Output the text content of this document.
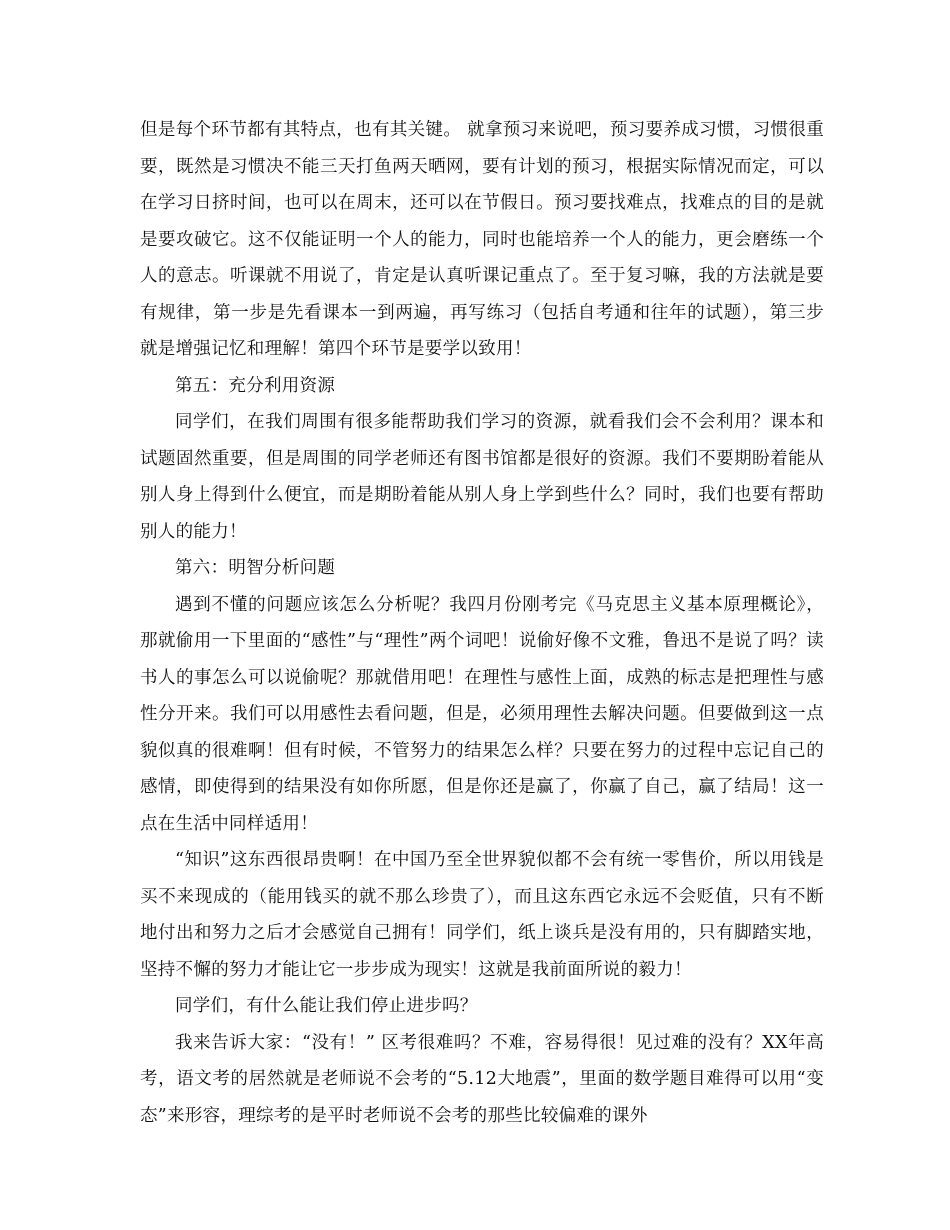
但是每个环节都有其特点，也有其关键。 就拿预习来说吧，预习要养成习惯，习惯很重要，既然是习惯决不能三天打鱼两天晒网，要有计划的预习，根据实际情况而定，可以在学习日挤时间，也可以在周末，还可以在节假日。预习要找难点，找难点的目的是就是要攻破它。这不仅能证明一个人的能力，同时也能培养一个人的能力，更会磨练一个人的意志。听课就不用说了，肯定是认真听课记重点了。至于复习嘛，我的方法就是要有规律，第一步是先看课本一到两遍，再写练习（包括自考通和往年的试题），第三步就是增强记忆和理解！第四个环节是要学以致用！

第五：充分利用资源

同学们，在我们周围有很多能帮助我们学习的资源，就看我们会不会利用？课本和试题固然重要，但是周围的同学老师还有图书馆都是很好的资源。我们不要期盼着能从别人身上得到什么便宜，而是期盼着能从别人身上学到些什么？同时，我们也要有帮助别人的能力！

第六：明智分析问题

遇到不懂的问题应该怎么分析呢？我四月份刚考完《马克思主义基本原理概论》，那就偷用一下里面的“感性”与“理性”两个词吧！说偷好像不文雅，鲁迅不是说了吗？读书人的事怎么可以说偷呢？那就借用吧！在理性与感性上面，成熟的标志是把理性与感性分开来。我们可以用感性去看问题，但是，必须用理性去解决问题。但要做到这一点貌似真的很难啊！但有时候，不管努力的结果怎么样？只要在努力的过程中忘记自己的感情，即使得到的结果没有如你所愿，但是你还是赢了，你赢了自己，赢了结局！这一点在生活中同样适用！

“知识”这东西很昂贵啊！在中国乃至全世界貌似都不会有统一零售价，所以用钱是买不来现成的（能用钱买的就不那么珍贵了），而且这东西它永远不会贬值，只有不断地付出和努力之后才会感觉自己拥有！同学们，纸上谈兵是没有用的，只有脚踏实地，坚持不懈的努力才能让它一步步成为现实！这就是我前面所说的毅力！

同学们，有什么能让我们停止进步吗？

我来告诉大家：“没有！” 区考很难吗？不难，容易得很！见过难的没有？XX年高考，语文考的居然就是老师说不会考的“5.12大地震”，里面的数学题目难得可以用“变态”来形容，理综考的是平时老师说不会考的那些比较偏难的课外
